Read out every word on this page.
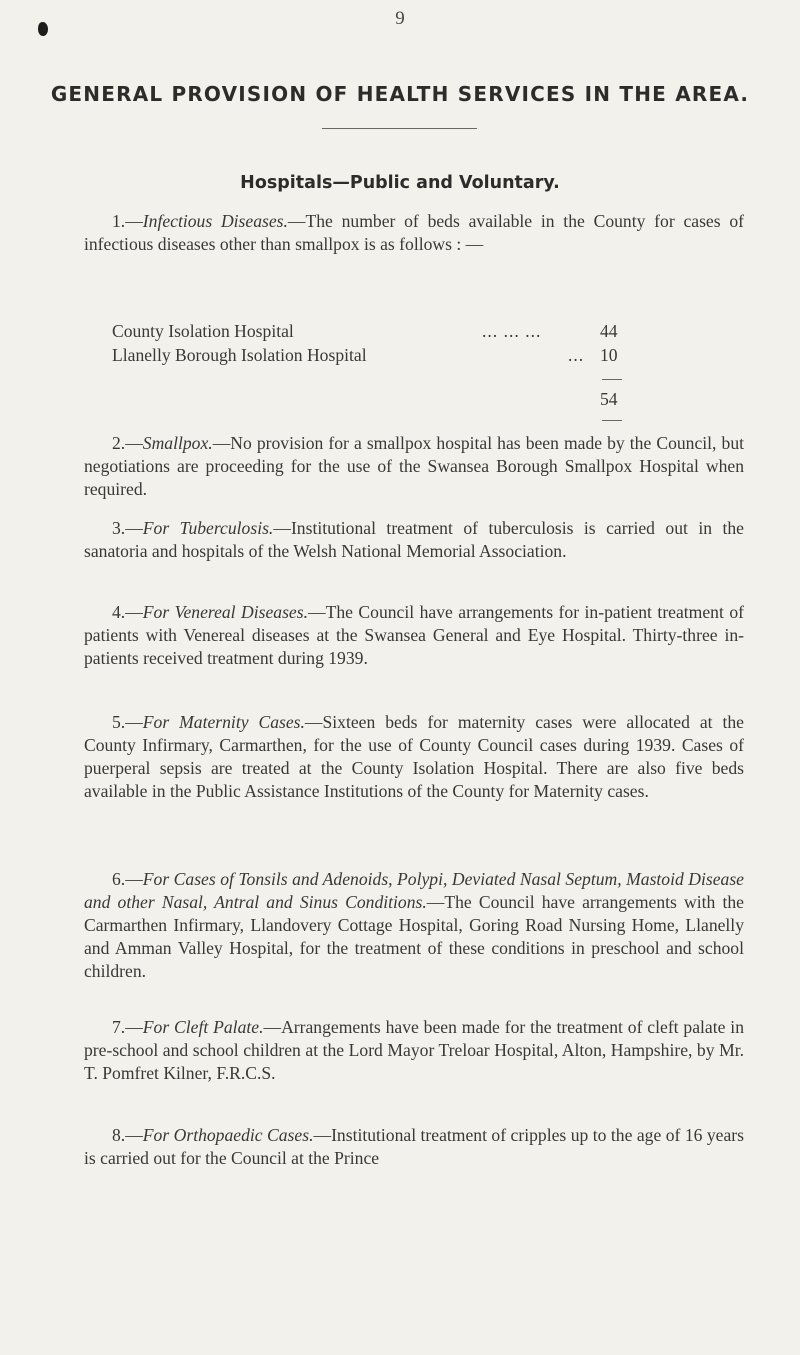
9
GENERAL PROVISION OF HEALTH SERVICES IN THE AREA.
Hospitals—Public and Voluntary.

1.—Infectious Diseases.—The number of beds available in the County for cases of infectious diseases other than smallpox is as follows : —

County Isolation Hospital	... ... ...	44
Llanelly Borough Isolation Hospital	... 10
54

2.—Smallpox.—No provision for a smallpox hospital has been made by the Council, but negotiations are proceeding for the use of the Swansea Borough Smallpox Hospital when required.

3.—For Tuberculosis.—Institutional treatment of tuberculosis is carried out in the sanatoria and hospitals of the Welsh National Memorial Association.

4.—For Venereal Diseases.—The Council have arrangements for in-patient treatment of patients with Venereal diseases at the Swansea General and Eye Hospital. Thirty-three in-patients received treatment during 1939.

5.—For Maternity Cases.—Sixteen beds for maternity cases were allocated at the County Infirmary, Carmarthen, for the use of County Council cases during 1939. Cases of puerperal sepsis are treated at the County Isolation Hospital. There are also five beds available in the Public Assistance Institutions of the County for Maternity cases.

6.—For Cases of Tonsils and Adenoids, Polypi, Deviated Nasal Septum, Mastoid Disease and other Nasal, Antral and Sinus Conditions.—The Council have arrangements with the Carmarthen Infirmary, Llandovery Cottage Hospital, Goring Road Nursing Home, Llanelly and Amman Valley Hospital, for the treatment of these conditions in preschool and school children.

7.—For Cleft Palate.—Arrangements have been made for the treatment of cleft palate in pre-school and school children at the Lord Mayor Treloar Hospital, Alton, Hampshire, by Mr. T. Pomfret Kilner, F.R.C.S.

8.—For Orthopaedic Cases.—Institutional treatment of cripples up to the age of 16 years is carried out for the Council at the Prince
